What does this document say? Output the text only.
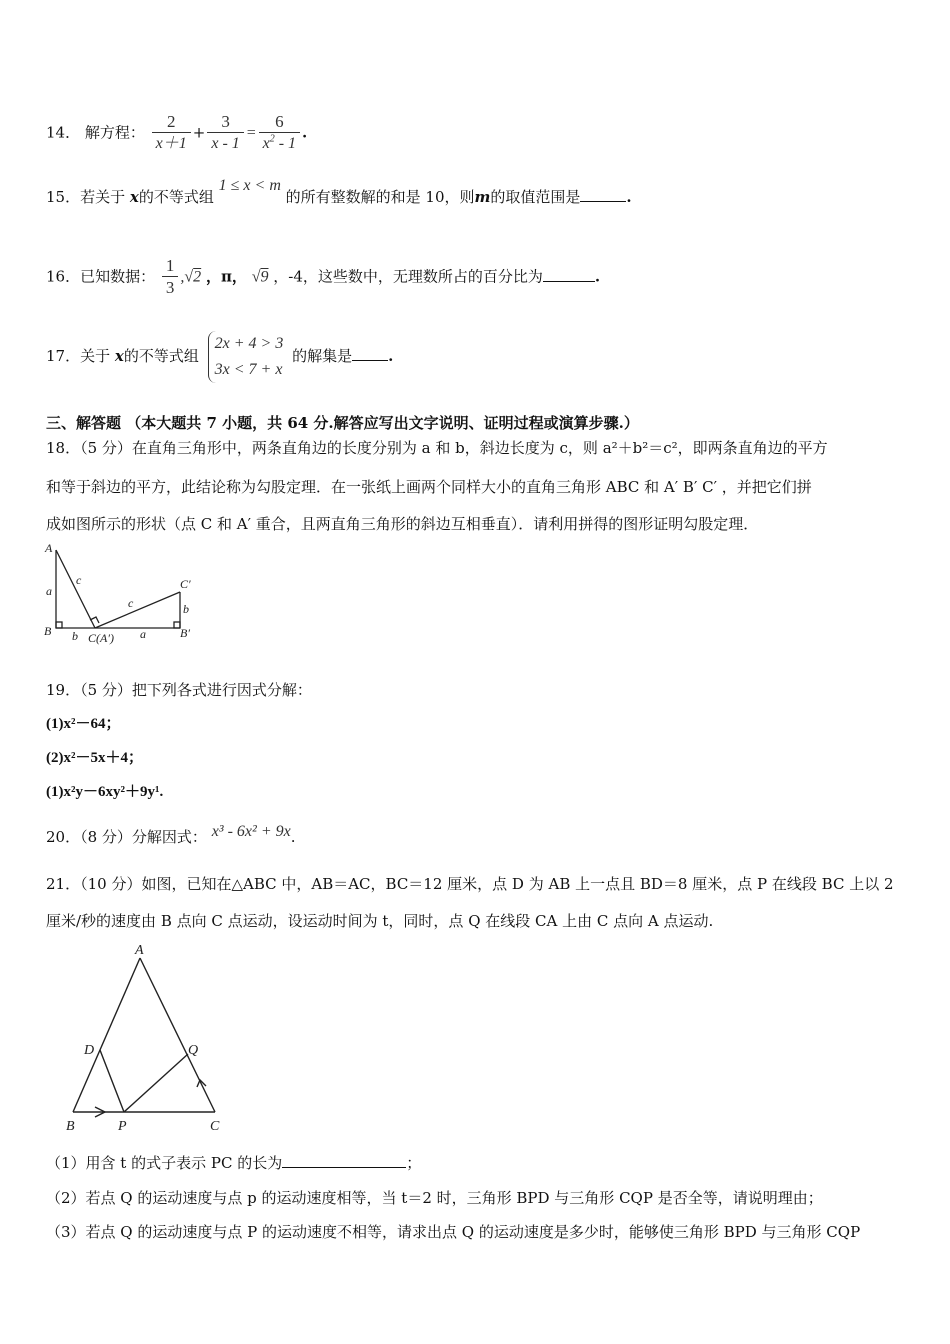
14． 解方程： $\frac{2}{x+1} + \frac{3}{x - 1} = \frac{6}{x^2 - 1}$ .
15．若关于 x的不等式组 1 ≤ x < m 的所有整数解的和是 10，则m的取值范围是	.
16．已知数据： $\frac{1}{3} ,√2$ ，π， √9 ，-4，这些数中，无理数所占的百分比为	.
17．关于 x的不等式组
2x + 4 > 3
3x < 7 + x
的解集是 .
三、解答题 （本大题共 7 小题，共 64 分.解答应写出文字说明、证明过程或演算步骤.）
18．（5 分）在直角三角形中，两条直角边的长度分别为 a 和 b，斜边长度为 c，则 a²＋b²＝c²，即两条直角边的平方
和等于斜边的平方，此结论称为勾股定理．在一张纸上画两个同样大小的直角三角形 ABC 和 A′ B′ C′ ，并把它们拼
成如图所示的形状（点 C 和 A′ 重合，且两直角三角形的斜边互相垂直）．请利用拼得的图形证明勾股定理．
A
B	C(A′)
C′
B′
a
b
c
c	b
a
19．（5 分）把下列各式进行因式分解：
(1)x²－64；
(2)x²－5x＋4；
(1)x²y－6xy²＋9y¹.
20．（8 分）分解因式： x³ - 6x² + 9x.
21．（10 分）如图，已知在△ABC 中，AB＝AC，BC＝12 厘米，点 D 为 AB 上一点且 BD＝8 厘米，点 P 在线段 BC 上以 2
厘米/秒的速度由 B 点向 C 点运动，设运动时间为 t，同时，点 Q 在线段 CA 上由 C 点向 A 点运动.
A
B	C
D
P
Q
（1）用含 t 的式子表示 PC 的长为	；
（2）若点 Q 的运动速度与点 p 的运动速度相等，当 t＝2 时，三角形 BPD 与三角形 CQP 是否全等，请说明理由；
（3）若点 Q 的运动速度与点 P 的运动速度不相等，请求出点 Q 的运动速度是多少时，能够使三角形 BPD 与三角形 CQP
